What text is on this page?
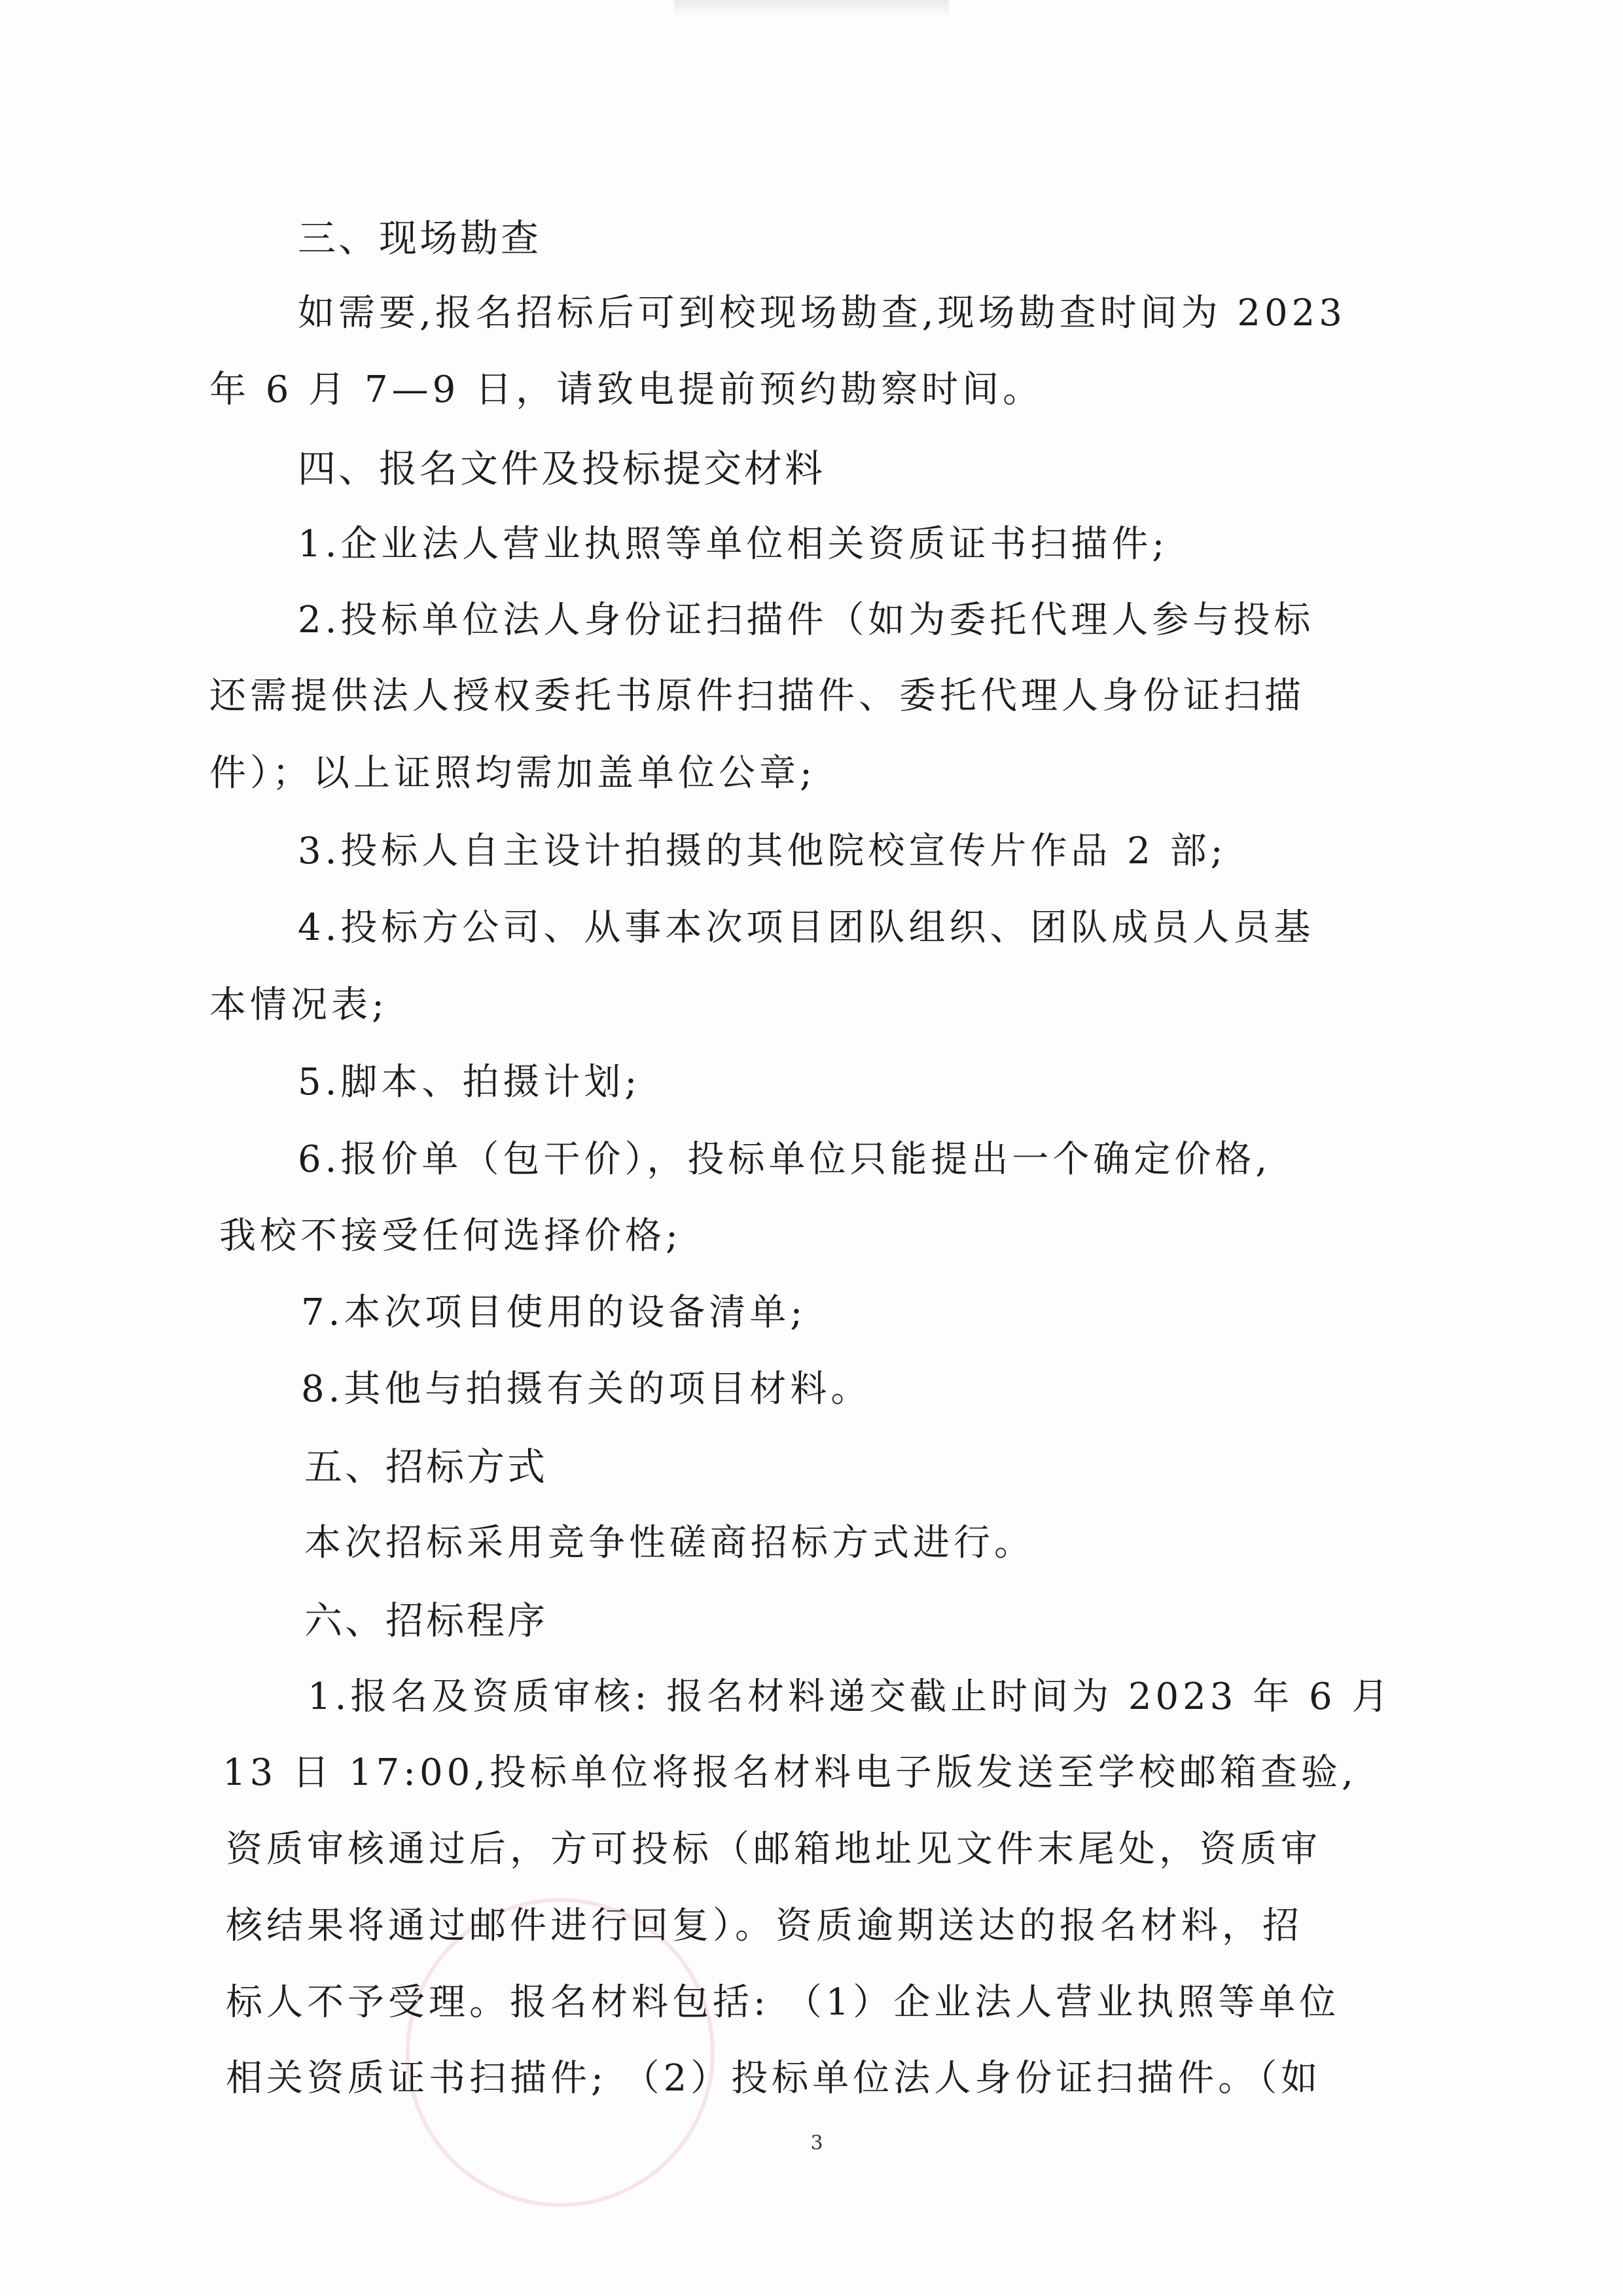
三、现场勘查
如需要,报名招标后可到校现场勘查,现场勘查时间为 2023
年 6 月 7—9 日，请致电提前预约勘察时间。
四、报名文件及投标提交材料
1.企业法人营业执照等单位相关资质证书扫描件;
2.投标单位法人身份证扫描件（如为委托代理人参与投标
还需提供法人授权委托书原件扫描件、委托代理人身份证扫描
件）；以上证照均需加盖单位公章;
3.投标人自主设计拍摄的其他院校宣传片作品 2 部;
4.投标方公司、从事本次项目团队组织、团队成员人员基
本情况表;
5.脚本、拍摄计划;
6.报价单（包干价），投标单位只能提出一个确定价格,
我校不接受任何选择价格;
7.本次项目使用的设备清单;
8.其他与拍摄有关的项目材料。
五、招标方式
本次招标采用竞争性磋商招标方式进行。
六、招标程序
1.报名及资质审核: 报名材料递交截止时间为 2023 年 6 月
13 日 17:00,投标单位将报名材料电子版发送至学校邮箱查验,
资质审核通过后，方可投标（邮箱地址见文件末尾处，资质审
核结果将通过邮件进行回复）。资质逾期送达的报名材料，招
标人不予受理。报名材料包括: （1）企业法人营业执照等单位
相关资质证书扫描件; （2）投标单位法人身份证扫描件。（如
3
